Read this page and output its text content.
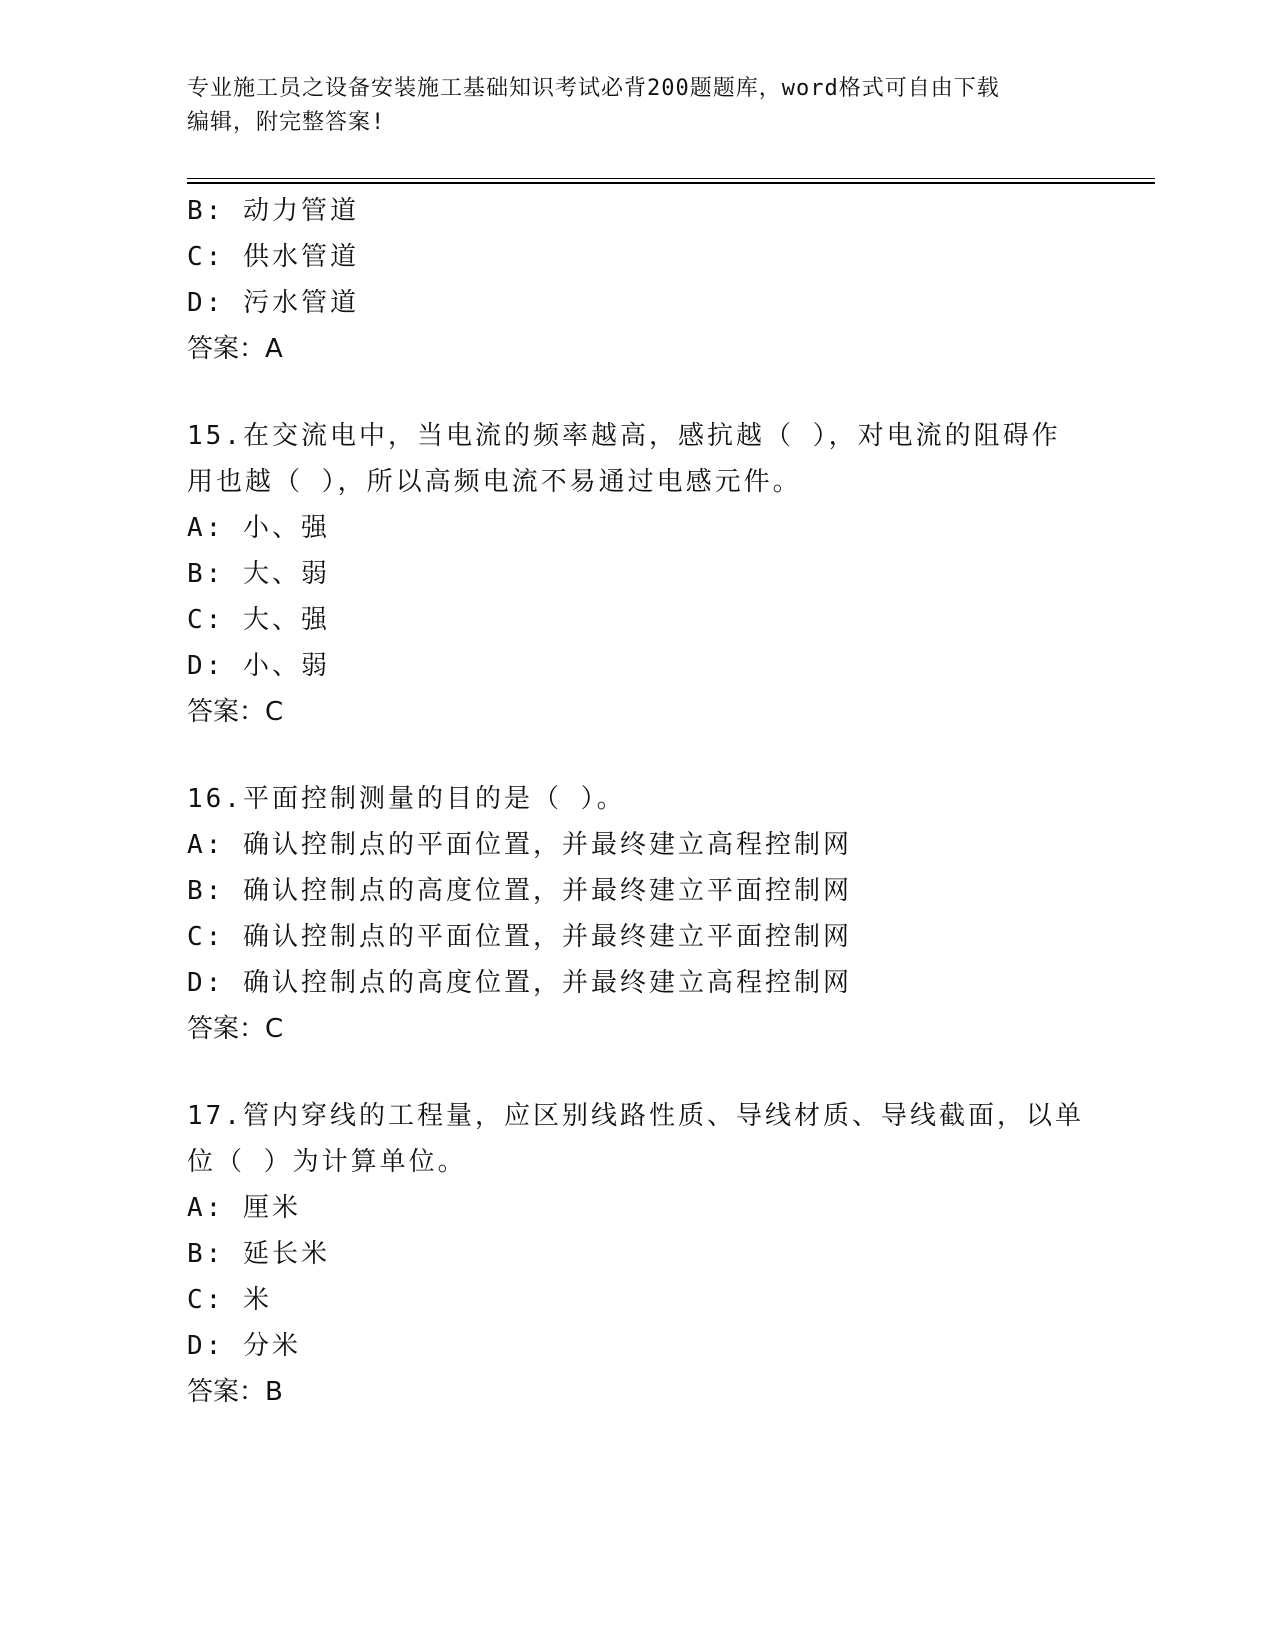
专业施工员之设备安装施工基础知识考试必背200题题库，word格式可自由下载
编辑，附完整答案!
B: 动力管道
C: 供水管道
D: 污水管道
答案：A
15.在交流电中，当电流的频率越高，感抗越（ ），对电流的阻碍作
用也越（ ），所以高频电流不易通过电感元件。
A: 小、强
B: 大、弱
C: 大、强
D: 小、弱
答案：C
16.平面控制测量的目的是（ ）。
A: 确认控制点的平面位置，并最终建立高程控制网
B: 确认控制点的高度位置，并最终建立平面控制网
C: 确认控制点的平面位置，并最终建立平面控制网
D: 确认控制点的高度位置，并最终建立高程控制网
答案：C
17.管内穿线的工程量，应区别线路性质、导线材质、导线截面，以单
位（ ）为计算单位。
A: 厘米
B: 延长米
C: 米
D: 分米
答案：B
